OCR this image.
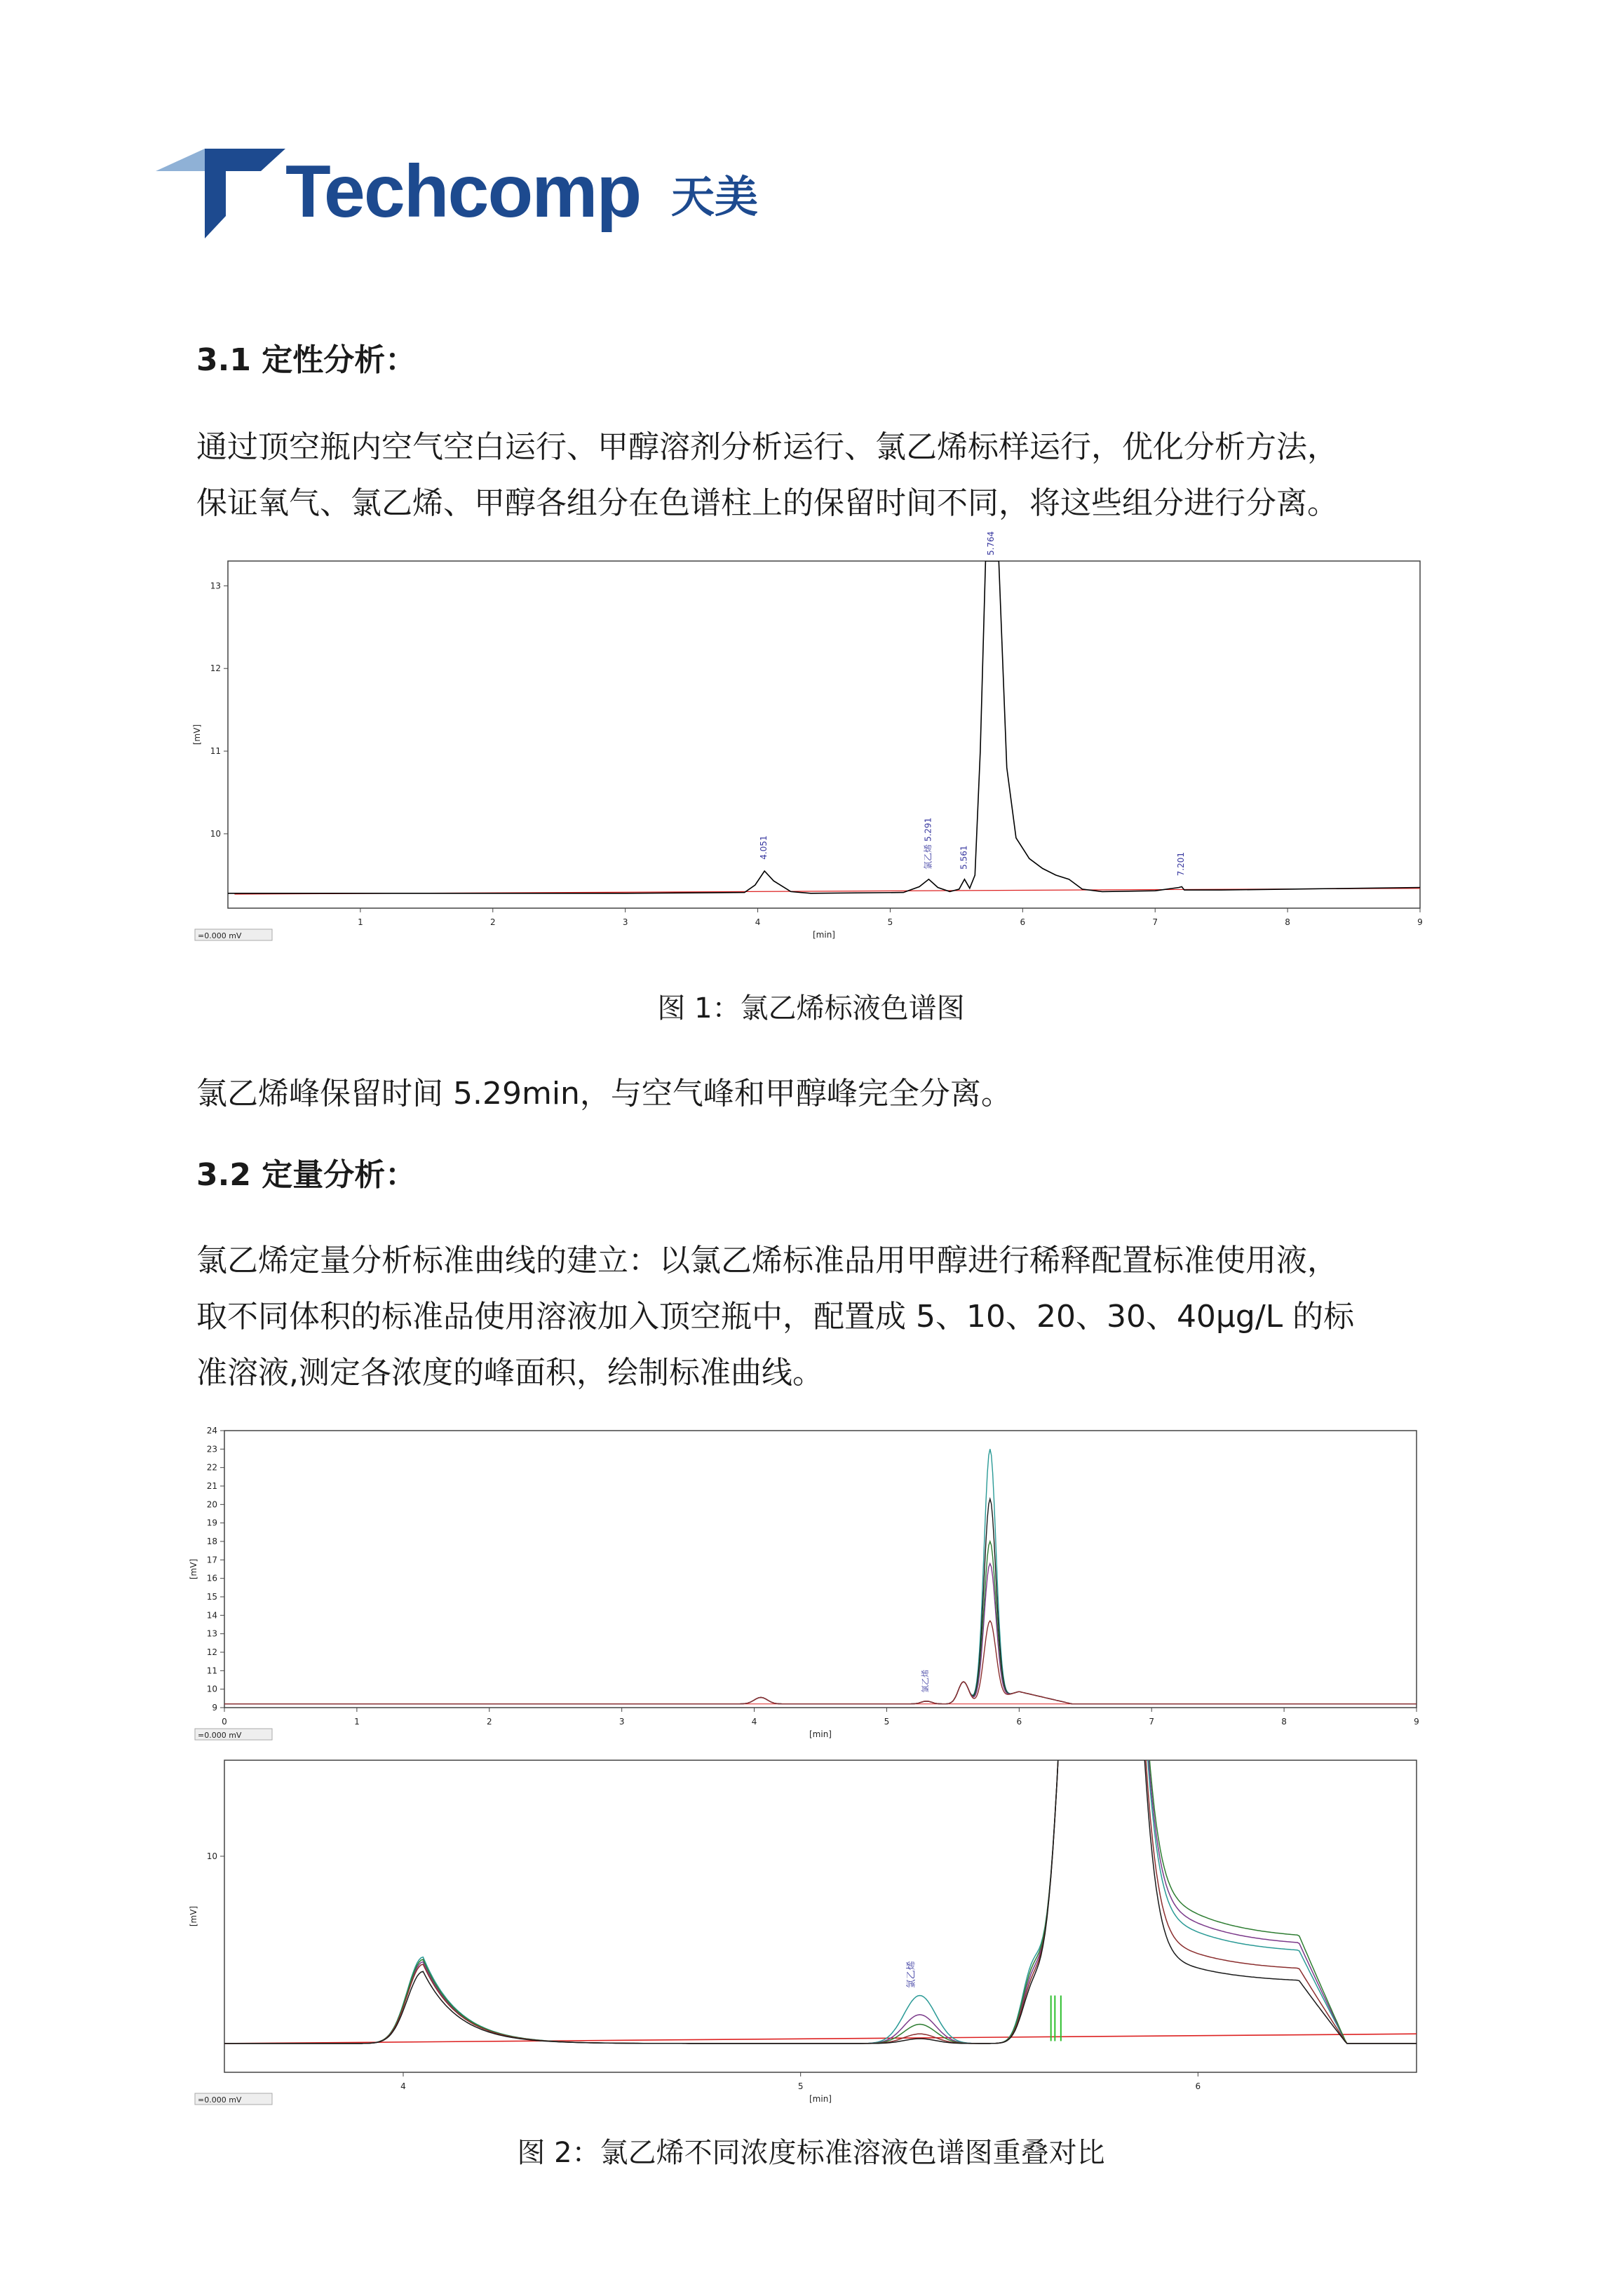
Techcomp 天美
3.1 定性分析：
通过顶空瓶内空气空白运行、甲醇溶剂分析运行、氯乙烯标样运行，优化分析方法，
保证氧气、氯乙烯、甲醇各组分在色谱柱上的保留时间不同，将这些组分进行分离。
1	2	3	4	5	6	7	8	9
10
11
12
13
[min]
[mV]
=0.000 mV
4.051	氯乙烯 5.291	5.561
5.764
7.201
图 1：氯乙烯标液色谱图
氯乙烯峰保留时间 5.29min，与空气峰和甲醇峰完全分离。
3.2 定量分析：
氯乙烯定量分析标准曲线的建立：以氯乙烯标准品用甲醇进行稀释配置标准使用液，
取不同体积的标准品使用溶液加入顶空瓶中，配置成 5、10、20、30、40µg/L 的标
准溶液,测定各浓度的峰面积，绘制标准曲线。
0	1	2	3	4	5	6	7	8	9
9
10
11
12
13
14
15
16
17
18
19
20
21
22
23
24
[min]
[mV]
=0.000 mV
氯乙烯
4	5	6
10
[min]
[mV]
=0.000 mV
氯乙烯
图 2：氯乙烯不同浓度标准溶液色谱图重叠对比
